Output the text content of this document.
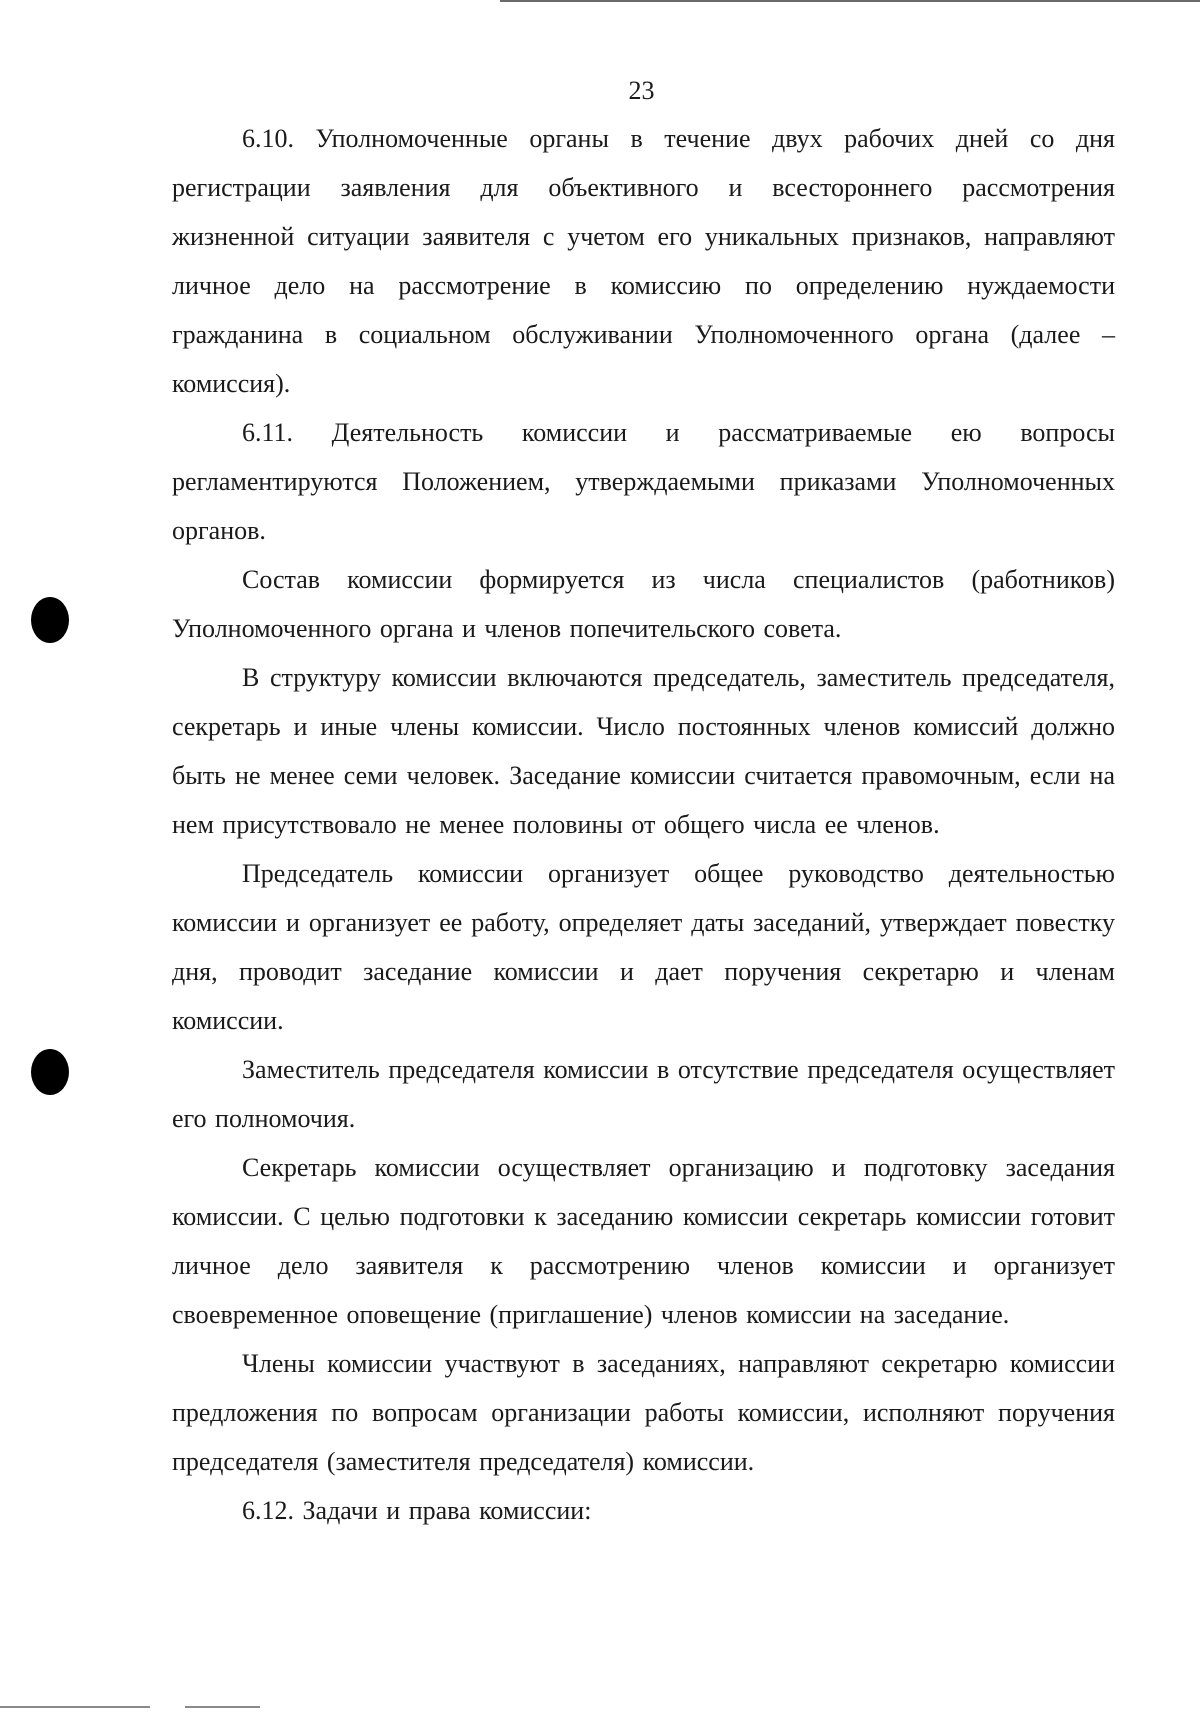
23

6.10. Уполномоченные органы в течение двух рабочих дней со дня регистрации заявления для объективного и всестороннего рассмотрения жизненной ситуации заявителя с учетом его уникальных признаков, направляют личное дело на рассмотрение в комиссию по определению нуждаемости гражданина в социальном обслуживании Уполномоченного органа (далее – комиссия).

6.11. Деятельность комиссии и рассматриваемые ею вопросы регламентируются Положением, утверждаемыми приказами Уполномоченных органов.

Состав комиссии формируется из числа специалистов (работников) Уполномоченного органа и членов попечительского совета.

В структуру комиссии включаются председатель, заместитель председателя, секретарь и иные члены комиссии. Число постоянных членов комиссий должно быть не менее семи человек. Заседание комиссии считается правомочным, если на нем присутствовало не менее половины от общего числа ее членов.

Председатель комиссии организует общее руководство деятельностью комиссии и организует ее работу, определяет даты заседаний, утверждает повестку дня, проводит заседание комиссии и дает поручения секретарю и членам комиссии.

Заместитель председателя комиссии в отсутствие председателя осуществляет его полномочия.

Секретарь комиссии осуществляет организацию и подготовку заседания комиссии. С целью подготовки к заседанию комиссии секретарь комиссии готовит личное дело заявителя к рассмотрению членов комиссии и организует своевременное оповещение (приглашение) членов комиссии на заседание.

Члены комиссии участвуют в заседаниях, направляют секретарю комиссии предложения по вопросам организации работы комиссии, исполняют поручения председателя (заместителя председателя) комиссии.

6.12. Задачи и права комиссии:
